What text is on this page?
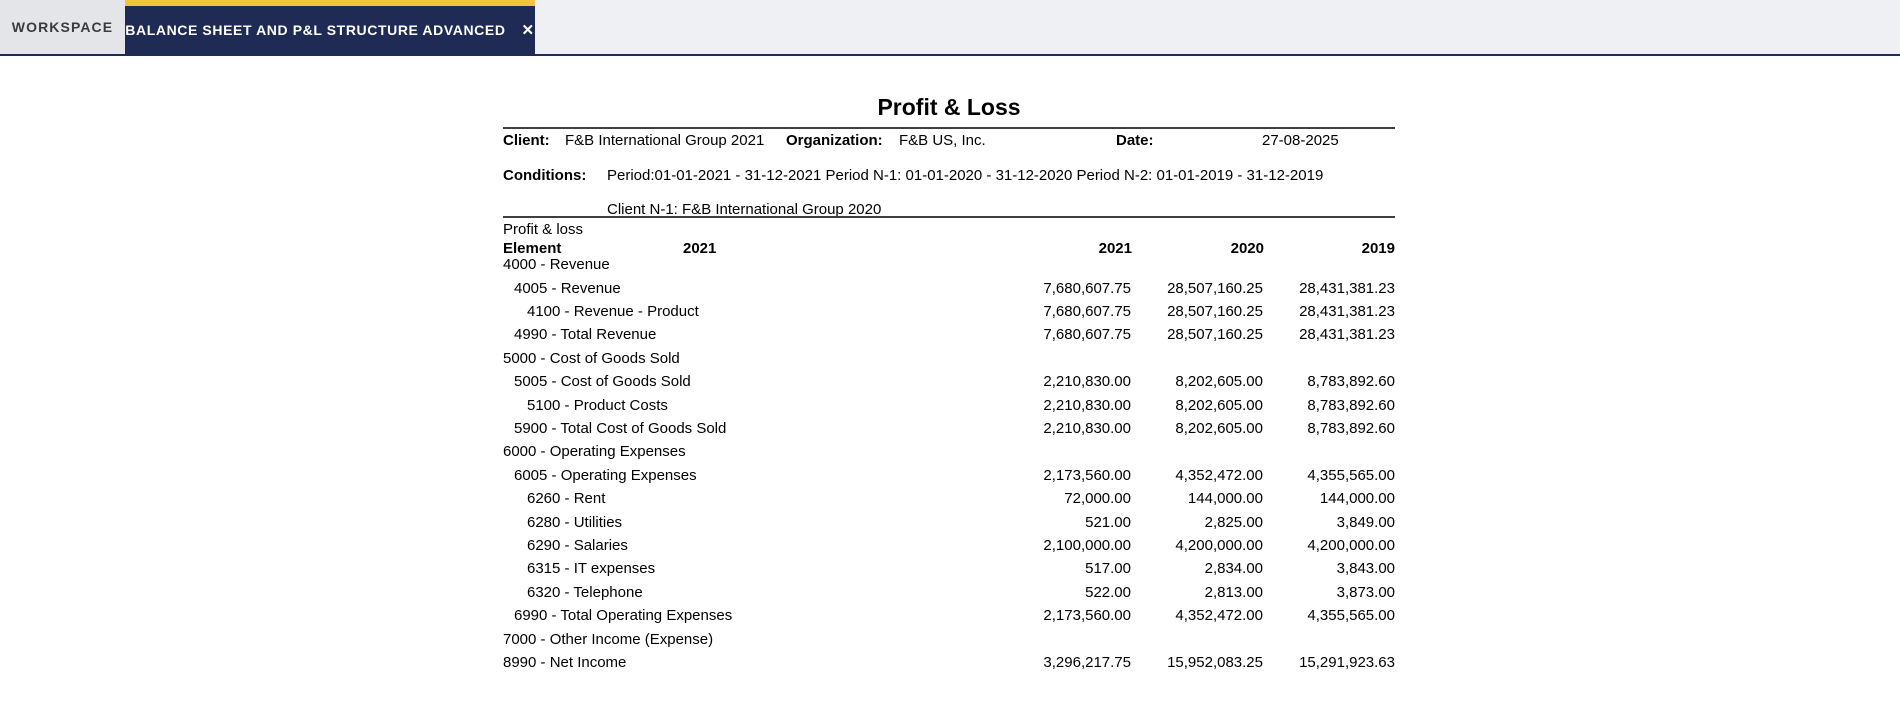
WORKSPACE BALANCE SHEET AND P&L STRUCTURE ADVANCED ✕
Profit & Loss
Client: F&B International Group 2021 Organization: F&B US, Inc.	Date:	27-08-2025
Conditions: Period:01-01-2021 - 31-12-2021 Period N-1: 01-01-2020 - 31-12-2020 Period N-2: 01-01-2019 - 31-12-2019
Client N-1: F&B International Group 2020
Profit & loss
Element	2021	2021	2020	2019
4000 - Revenue
4005 - Revenue	7,680,607.75	28,507,160.25	28,431,381.23
4100 - Revenue - Product	7,680,607.75	28,507,160.25	28,431,381.23
4990 - Total Revenue	7,680,607.75	28,507,160.25	28,431,381.23
5000 - Cost of Goods Sold
5005 - Cost of Goods Sold	2,210,830.00	8,202,605.00	8,783,892.60
5100 - Product Costs	2,210,830.00	8,202,605.00	8,783,892.60
5900 - Total Cost of Goods Sold	2,210,830.00	8,202,605.00	8,783,892.60
6000 - Operating Expenses
6005 - Operating Expenses	2,173,560.00	4,352,472.00	4,355,565.00
6260 - Rent	72,000.00	144,000.00	144,000.00
6280 - Utilities	521.00	2,825.00	3,849.00
6290 - Salaries	2,100,000.00	4,200,000.00	4,200,000.00
6315 - IT expenses	517.00	2,834.00	3,843.00
6320 - Telephone	522.00	2,813.00	3,873.00
6990 - Total Operating Expenses	2,173,560.00	4,352,472.00	4,355,565.00
7000 - Other Income (Expense)
8990 - Net Income	3,296,217.75	15,952,083.25	15,291,923.63
